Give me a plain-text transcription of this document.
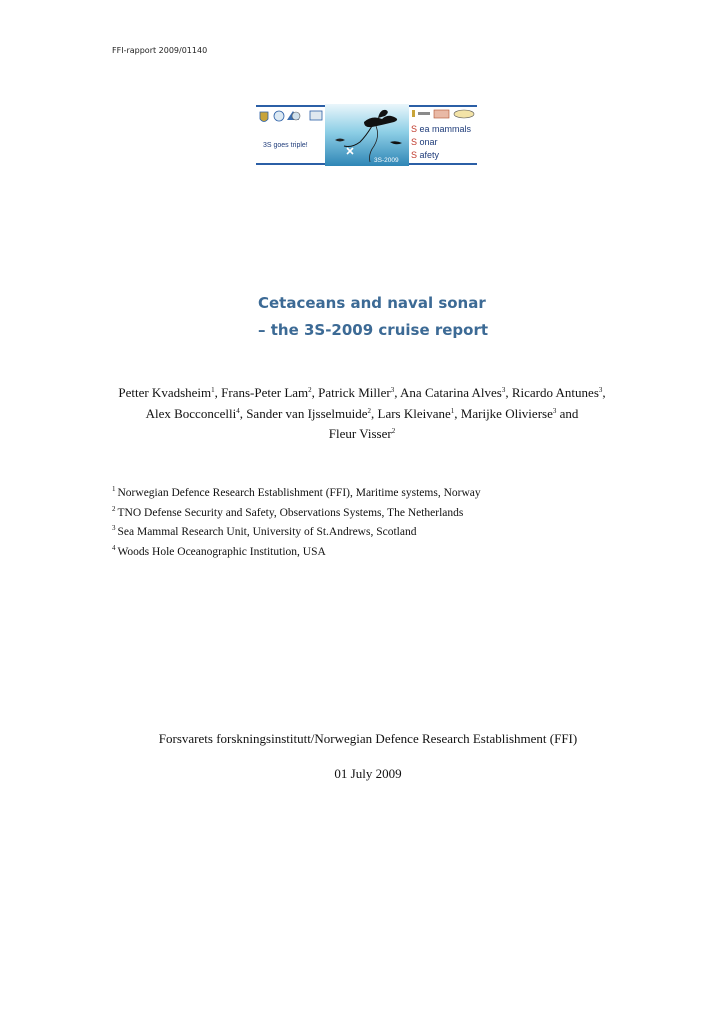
FFI-rapport 2009/01140
3S goes triple!
3S-2009
S ea mammals
S onar
S afety
Cetaceans and naval sonar
– the 3S-2009 cruise report
Petter Kvadsheim$^1$, Frans-Peter Lam$^2$, Patrick Miller$^3$, Ana Catarina Alves$^3$, Ricardo Antunes$^3$,
Alex Bocconcelli$^4$, Sander van Ijsselmuide$^2$, Lars Kleivane$^1$, Marijke Olivierse$^3$ and
Fleur Visser$^2$
$^1$ Norwegian Defence Research Establishment (FFI), Maritime systems, Norway
$^2$ TNO Defense Security and Safety, Observations Systems, The Netherlands
$^3$ Sea Mammal Research Unit, University of St.Andrews, Scotland
$^4$ Woods Hole Oceanographic Institution, USA
Forsvarets forskningsinstitutt/Norwegian Defence Research Establishment (FFI)
01 July 2009
